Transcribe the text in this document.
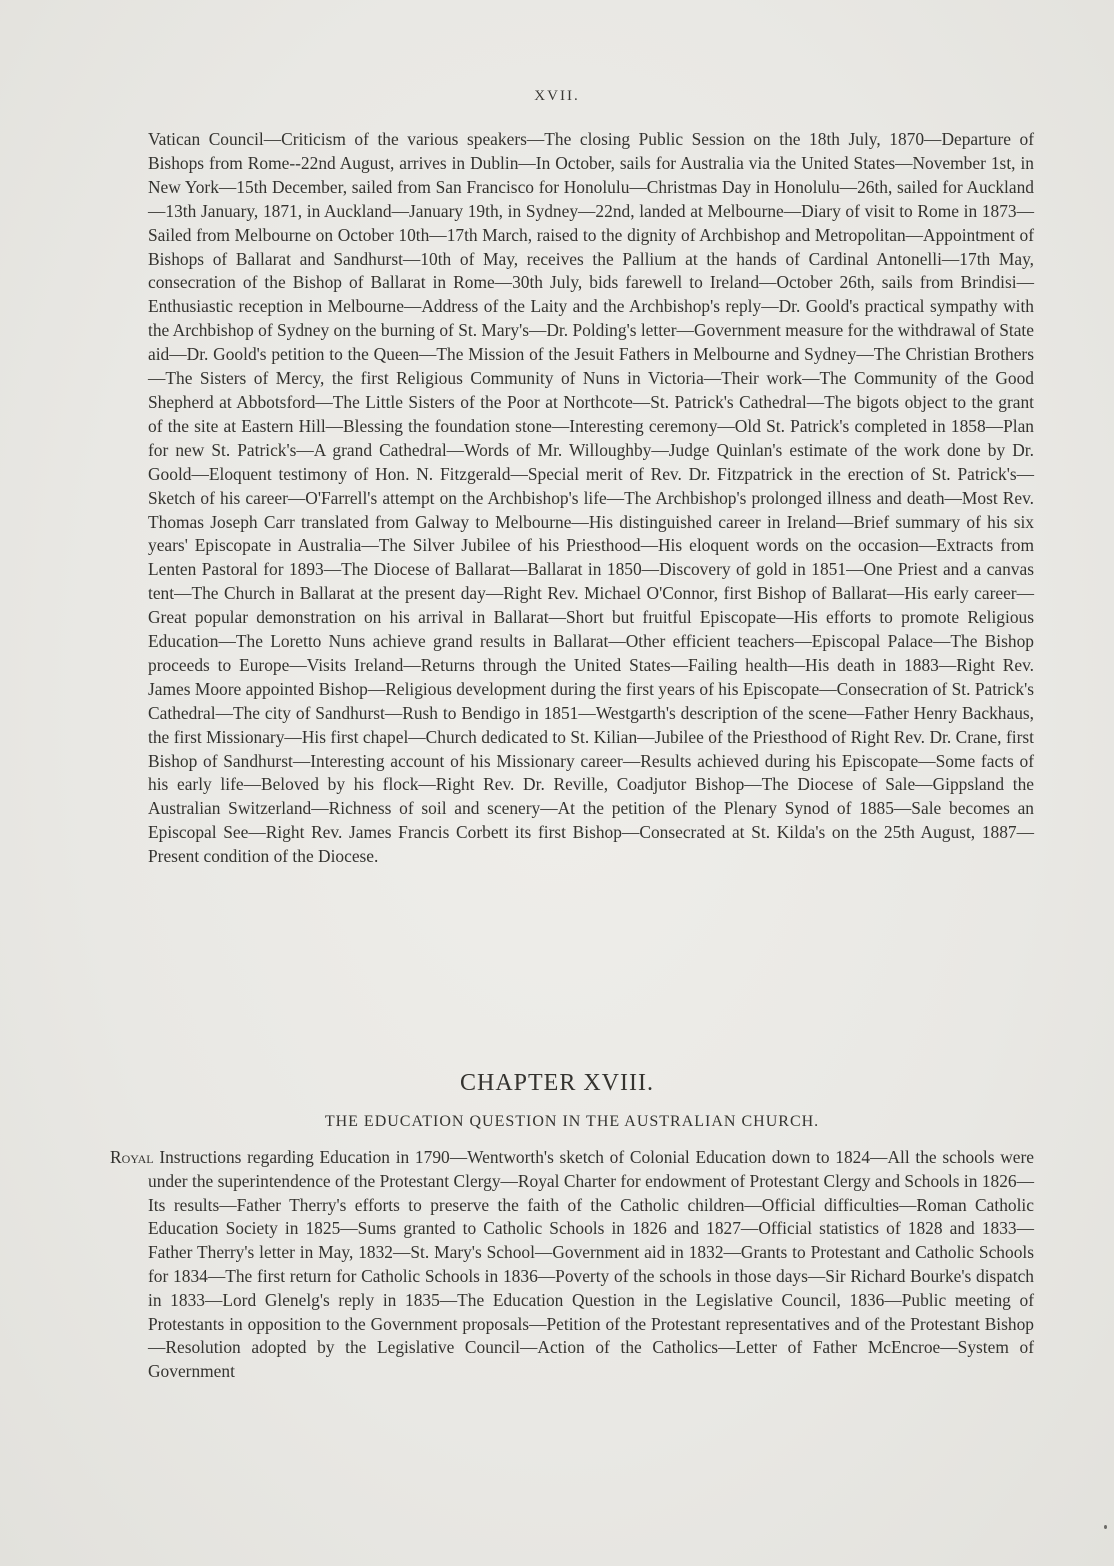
XVII.

Vatican Council—Criticism of the various speakers—The closing Public Session on the 18th July, 1870—Departure of Bishops from Rome--22nd August, arrives in Dublin—In October, sails for Australia via the United States—November 1st, in New York—15th December, sailed from San Francisco for Honolulu—Christmas Day in Honolulu—26th, sailed for Auckland—13th January, 1871, in Auckland—January 19th, in Sydney—22nd, landed at Melbourne—Diary of visit to Rome in 1873—Sailed from Melbourne on October 10th—17th March, raised to the dignity of Archbishop and Metropolitan—Appointment of Bishops of Ballarat and Sandhurst—10th of May, receives the Pallium at the hands of Cardinal Antonelli—17th May, consecration of the Bishop of Ballarat in Rome—30th July, bids farewell to Ireland—October 26th, sails from Brindisi—Enthusiastic reception in Melbourne—Address of the Laity and the Archbishop's reply—Dr. Goold's practical sympathy with the Archbishop of Sydney on the burning of St. Mary's—Dr. Polding's letter—Government measure for the withdrawal of State aid—Dr. Goold's petition to the Queen—The Mission of the Jesuit Fathers in Melbourne and Sydney—The Christian Brothers—The Sisters of Mercy, the first Religious Community of Nuns in Victoria—Their work—The Community of the Good Shepherd at Abbotsford—The Little Sisters of the Poor at Northcote—St. Patrick's Cathedral—The bigots object to the grant of the site at Eastern Hill—Blessing the foundation stone—Interesting ceremony—Old St. Patrick's completed in 1858—Plan for new St. Patrick's—A grand Cathedral—Words of Mr. Willoughby—Judge Quinlan's estimate of the work done by Dr. Goold—Eloquent testimony of Hon. N. Fitzgerald—Special merit of Rev. Dr. Fitzpatrick in the erection of St. Patrick's—Sketch of his career—O'Farrell's attempt on the Archbishop's life—The Archbishop's prolonged illness and death—Most Rev. Thomas Joseph Carr translated from Galway to Melbourne—His distinguished career in Ireland—Brief summary of his six years' Episcopate in Australia—The Silver Jubilee of his Priesthood—His eloquent words on the occasion—Extracts from Lenten Pastoral for 1893—The Diocese of Ballarat—Ballarat in 1850—Discovery of gold in 1851—One Priest and a canvas tent—The Church in Ballarat at the present day—Right Rev. Michael O'Connor, first Bishop of Ballarat—His early career—Great popular demonstration on his arrival in Ballarat—Short but fruitful Episcopate—His efforts to promote Religious Education—The Loretto Nuns achieve grand results in Ballarat—Other efficient teachers—Episcopal Palace—The Bishop proceeds to Europe—Visits Ireland—Returns through the United States—Failing health—His death in 1883—Right Rev. James Moore appointed Bishop—Religious development during the first years of his Episcopate—Consecration of St. Patrick's Cathedral—The city of Sandhurst—Rush to Bendigo in 1851—Westgarth's description of the scene—Father Henry Backhaus, the first Missionary—His first chapel—Church dedicated to St. Kilian—Jubilee of the Priesthood of Right Rev. Dr. Crane, first Bishop of Sandhurst—Interesting account of his Missionary career—Results achieved during his Episcopate—Some facts of his early life—Beloved by his flock—Right Rev. Dr. Reville, Coadjutor Bishop—The Diocese of Sale—Gippsland the Australian Switzerland—Richness of soil and scenery—At the petition of the Plenary Synod of 1885—Sale becomes an Episcopal See—Right Rev. James Francis Corbett its first Bishop—Consecrated at St. Kilda's on the 25th August, 1887—Present condition of the Diocese.

CHAPTER XVIII.
THE EDUCATION QUESTION IN THE AUSTRALIAN CHURCH.

Royal Instructions regarding Education in 1790—Wentworth's sketch of Colonial Education down to 1824—All the schools were under the superintendence of the Protestant Clergy—Royal Charter for endowment of Protestant Clergy and Schools in 1826—Its results—Father Therry's efforts to preserve the faith of the Catholic children—Official difficulties—Roman Catholic Education Society in 1825—Sums granted to Catholic Schools in 1826 and 1827—Official statistics of 1828 and 1833—Father Therry's letter in May, 1832—St. Mary's School—Government aid in 1832—Grants to Protestant and Catholic Schools for 1834—The first return for Catholic Schools in 1836—Poverty of the schools in those days—Sir Richard Bourke's dispatch in 1833—Lord Glenelg's reply in 1835—The Education Question in the Legislative Council, 1836—Public meeting of Protestants in opposition to the Government proposals—Petition of the Protestant representatives and of the Protestant Bishop—Resolution adopted by the Legislative Council—Action of the Catholics—Letter of Father McEncroe—System of Government
